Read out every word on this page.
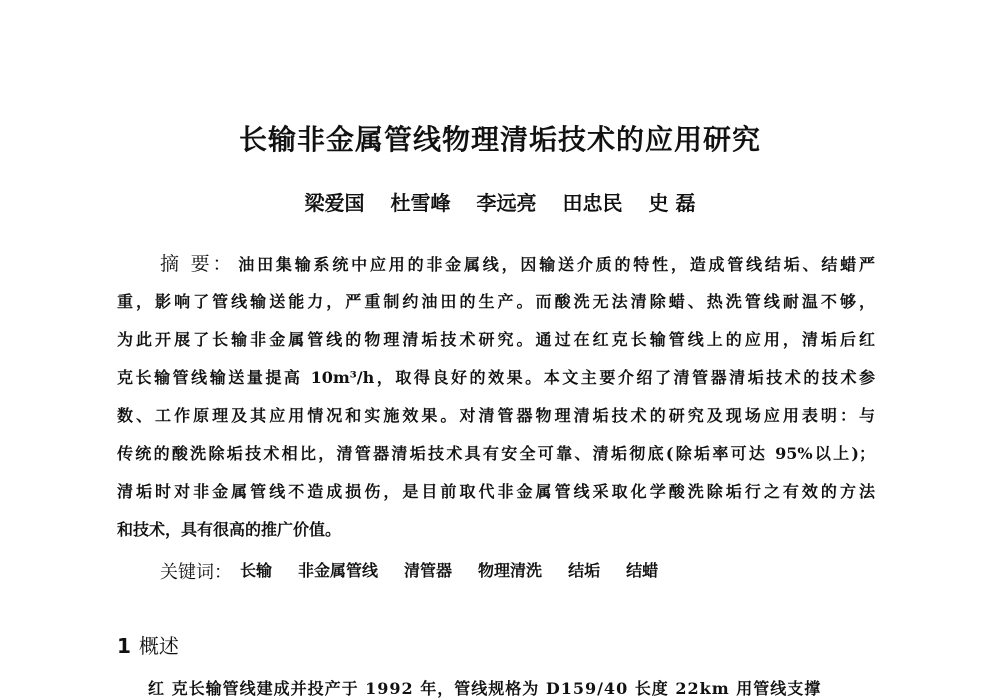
长输非金属管线物理清垢技术的应用研究
梁爱国 杜雪峰 李远亮 田忠民 史 磊
摘 要： 油田集输系统中应用的非金属线，因输送介质的特性，造成管线结垢、结蜡严
重，影响了管线输送能力，严重制约油田的生产。而酸洗无法清除蜡、热洗管线耐温不够，
为此开展了长输非金属管线的物理清垢技术研究。通过在红克长输管线上的应用，清垢后红
克长输管线输送量提高 10m³/h，取得良好的效果。本文主要介绍了清管器清垢技术的技术参
数、工作原理及其应用情况和实施效果。对清管器物理清垢技术的研究及现场应用表明：与
传统的酸洗除垢技术相比，清管器清垢技术具有安全可靠、清垢彻底(除垢率可达 95%以上)；
清垢时对非金属管线不造成损伤，是目前取代非金属管线采取化学酸洗除垢行之有效的方法
和技术，具有很高的推广价值。
关键词： 长输 非金属管线 清管器 物理清洗 结垢 结蜡
1 概述
红 克长输管线建成并投产于 1992 年，管线规格为 D159/40 长度 22km 用管线支撑
